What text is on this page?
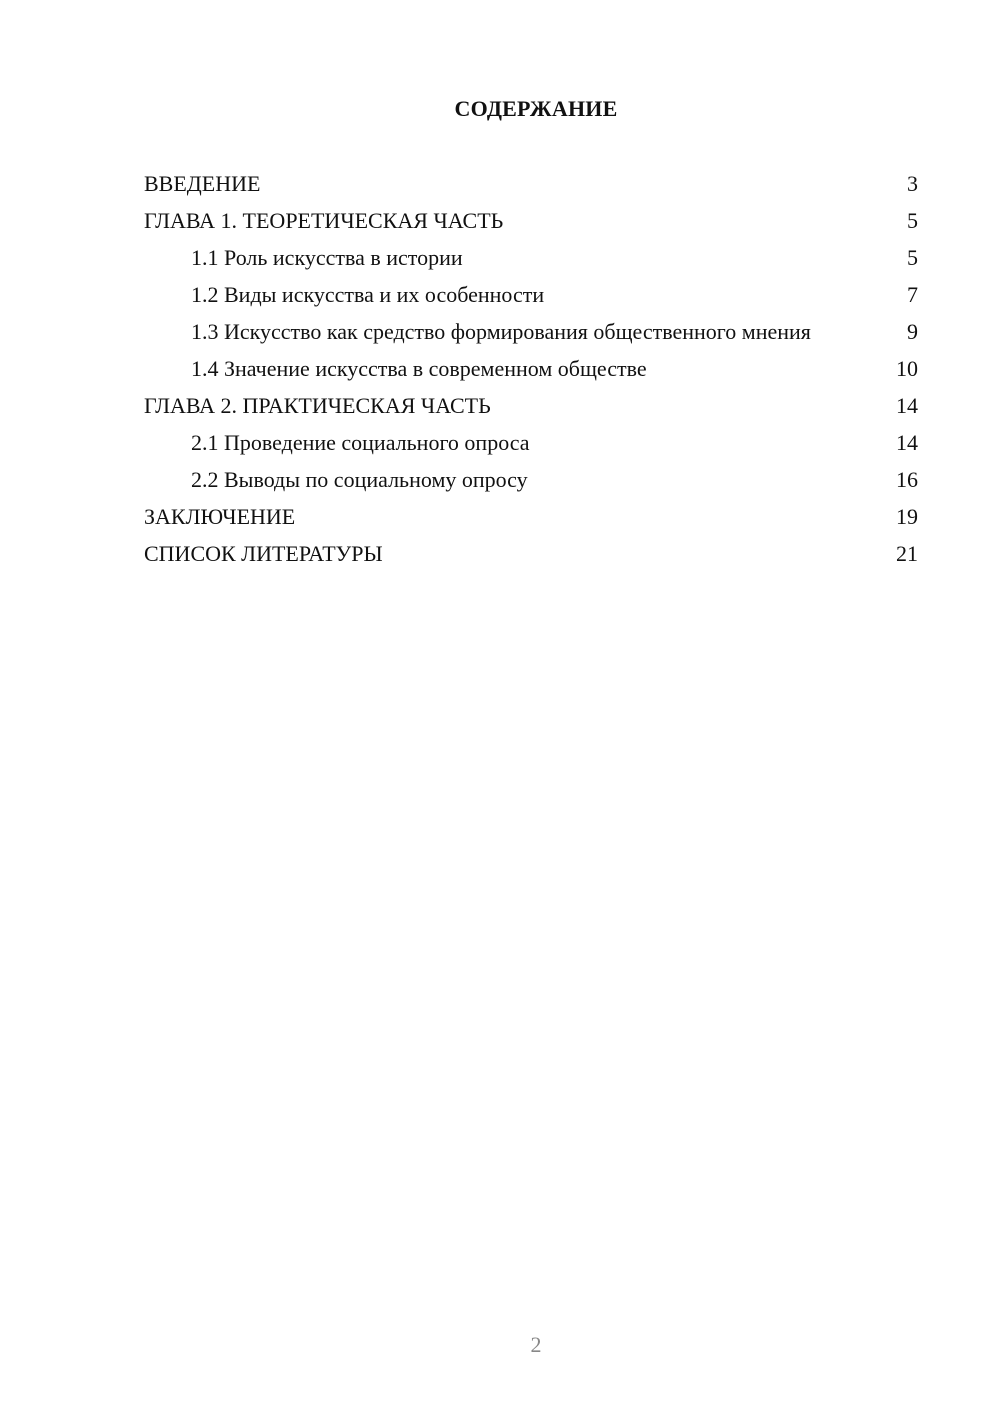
СОДЕРЖАНИЕ
ВВЕДЕНИЕ	3
ГЛАВА 1. ТЕОРЕТИЧЕСКАЯ ЧАСТЬ	5
1.1 Роль искусства в истории	5
1.2 Виды искусства и их особенности	7
1.3 Искусство как средство формирования общественного мнения	9
1.4 Значение искусства в современном обществе	10
ГЛАВА 2. ПРАКТИЧЕСКАЯ ЧАСТЬ	14
2.1 Проведение социального опроса	14
2.2 Выводы по социальному опросу	16
ЗАКЛЮЧЕНИЕ	19
СПИСОК ЛИТЕРАТУРЫ	21
2
